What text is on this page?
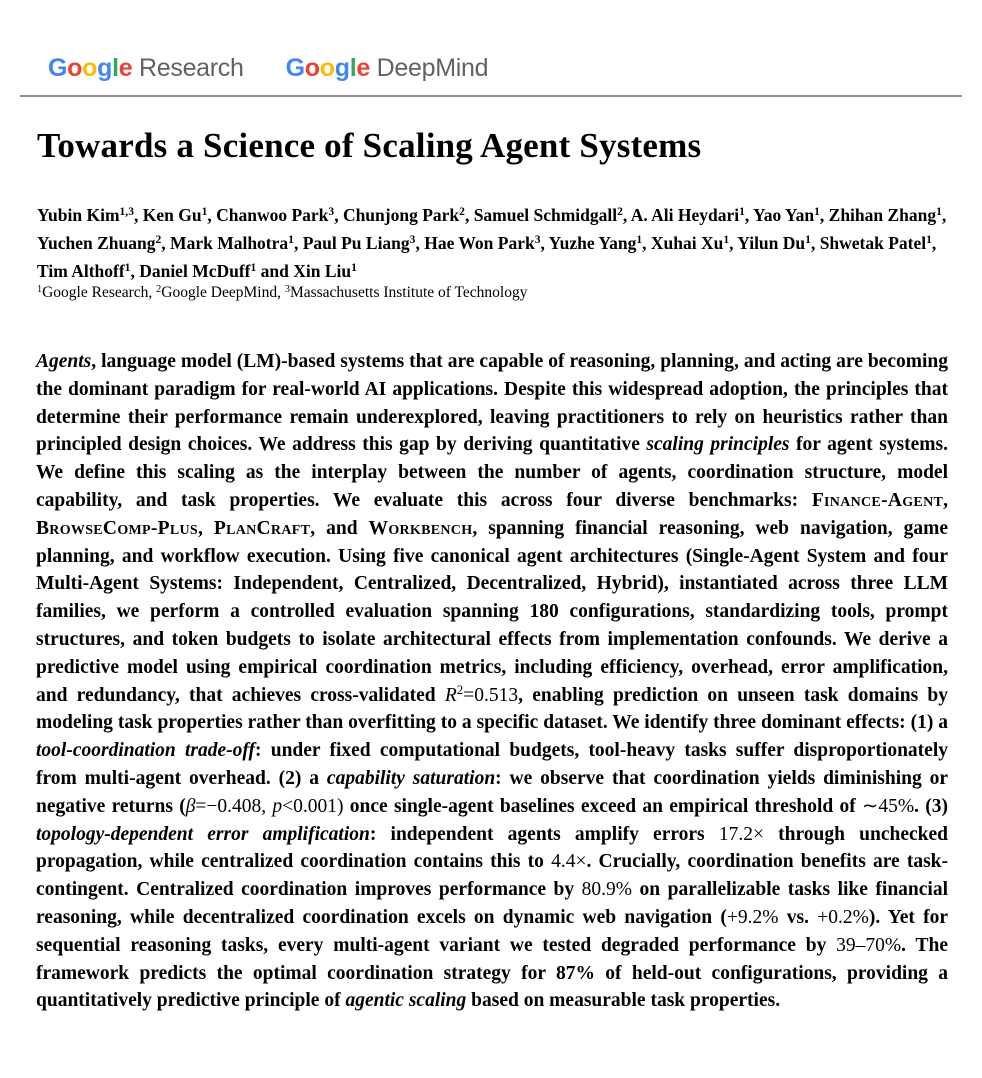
Google Research Google DeepMind
Towards a Science of Scaling Agent Systems
Yubin Kim$^{1,3}$, Ken Gu$^1$, Chanwoo Park$^3$, Chunjong Park$^2$, Samuel Schmidgall$^2$, A. Ali Heydari$^1$, Yao Yan$^1$, Zhihan Zhang$^1$, Yuchen Zhuang$^2$, Mark Malhotra$^1$, Paul Pu Liang$^3$, Hae Won Park$^3$, Yuzhe Yang$^1$, Xuhai Xu$^1$, Yilun Du$^1$, Shwetak Patel$^1$, Tim Althoff$^1$, Daniel McDuff$^1$ and Xin Liu$^1$
$^1$Google Research, $^2$Google DeepMind, $^3$Massachusetts Institute of Technology
Agents, language model (LM)-based systems that are capable of reasoning, planning, and acting are becoming the dominant paradigm for real-world AI applications. Despite this widespread adoption, the principles that determine their performance remain underexplored, leaving practitioners to rely on heuristics rather than principled design choices. We address this gap by deriving quantitative scaling principles for agent systems. We define this scaling as the interplay between the number of agents, coordination structure, model capability, and task properties. We evaluate this across four diverse benchmarks: Finance-Agent, BrowseComp-Plus, PlanCraft, and Workbench, spanning financial reasoning, web navigation, game planning, and workflow execution. Using five canonical agent architectures (Single-Agent System and four Multi-Agent Systems: Independent, Centralized, Decentralized, Hybrid), instantiated across three LLM families, we perform a controlled evaluation spanning 180 configurations, standardizing tools, prompt structures, and token budgets to isolate architectural effects from implementation confounds. We derive a predictive model using empirical coordination metrics, including efficiency, overhead, error amplification, and redundancy, that achieves cross-validated $R^2=0.513$, enabling prediction on unseen task domains by modeling task properties rather than overfitting to a specific dataset. We identify three dominant effects: (1) a tool-coordination trade-off: under fixed computational budgets, tool-heavy tasks suffer disproportionately from multi-agent overhead. (2) a capability saturation: we observe that coordination yields diminishing or negative returns (β=−0.408, p<0.001) once single-agent baselines exceed an empirical threshold of ∼45%. (3) topology-dependent error amplification: independent agents amplify errors 17.2× through unchecked propagation, while centralized coordination contains this to 4.4×. Crucially, coordination benefits are task-contingent. Centralized coordination improves performance by 80.9% on parallelizable tasks like financial reasoning, while decentralized coordination excels on dynamic web navigation (+9.2% vs. +0.2%). Yet for sequential reasoning tasks, every multi-agent variant we tested degraded performance by 39–70%. The framework predicts the optimal coordination strategy for 87% of held-out configurations, providing a quantitatively predictive principle of agentic scaling based on measurable task properties.
